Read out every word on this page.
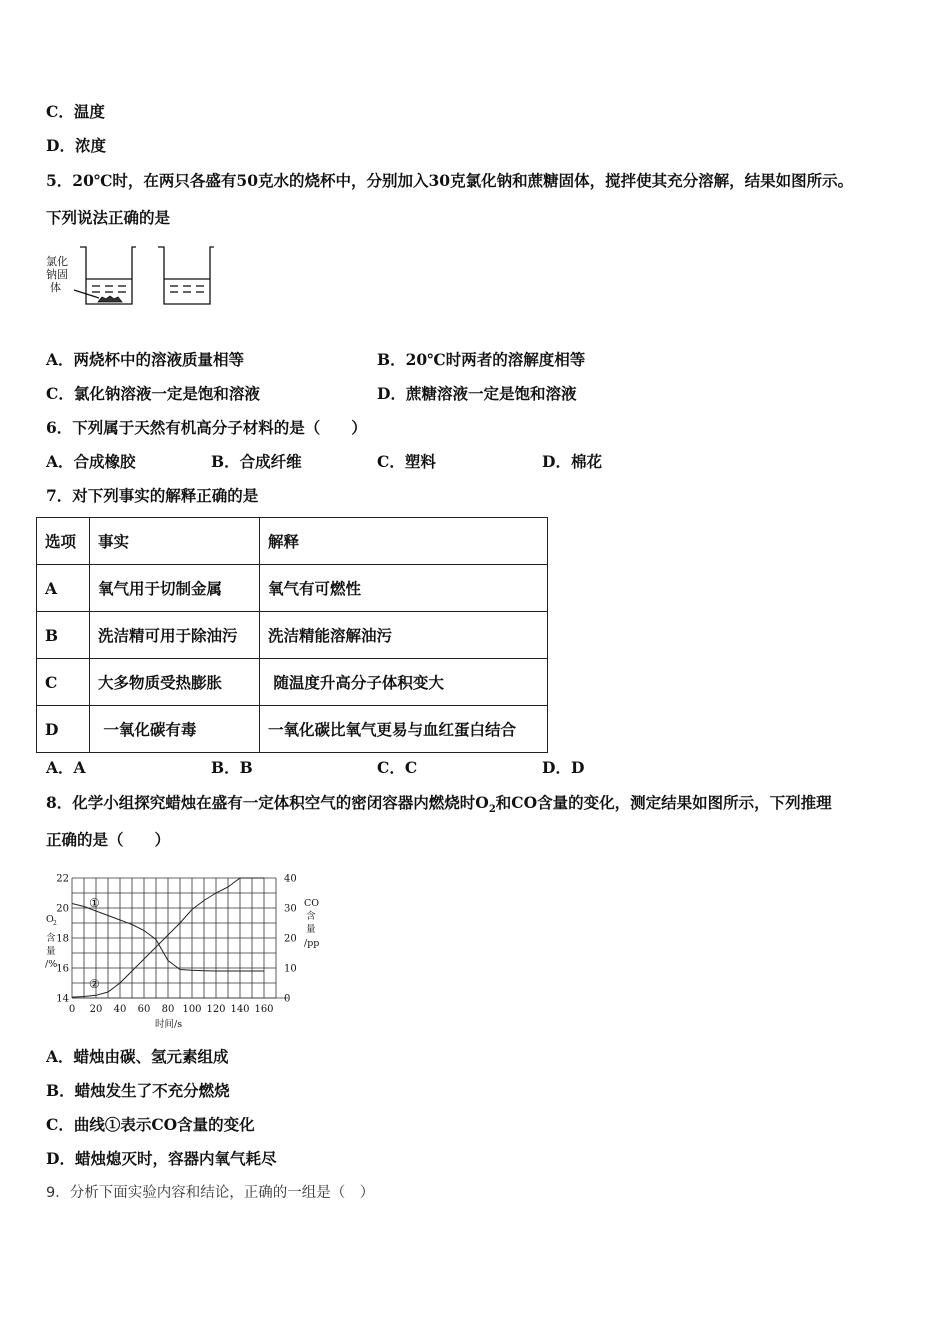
C．温度
D．浓度
5．20℃时，在两只各盛有50克水的烧杯中，分别加入30克氯化钠和蔗糖固体，搅拌使其充分溶解，结果如图所示。
下列说法正确的是
氯化
钠固
体
A．两烧杯中的溶液质量相等	B．20℃时两者的溶解度相等
C．氯化钠溶液一定是饱和溶液	D．蔗糖溶液一定是饱和溶液
6．下列属于天然有机高分子材料的是（　　）
A．合成橡胶	B．合成纤维	C．塑料	D．棉花
7．对下列事实的解释正确的是
选项	事实	解释
A	氧气用于切制金属	氧气有可燃性
B	洗洁精可用于除油污	洗洁精能溶解油污
C	大多物质受热膨胀	随温度升高分子体积变大
D	一氧化碳有毒	一氧化碳比氧气更易与血红蛋白结合
A．A	B．B	C．C	D．D
8．化学小组探究蜡烛在盛有一定体积空气的密闭容器内燃烧时$O_2$和CO含量的变化，测定结果如图所示，下列推理
正确的是（　　）
14
16
18
20
22
0
10
20
30
40
0 20 40 60 80 100 120 140 160
O 2
含
量
/%
CO
含
量
/pp
时间/s
①
②
A．蜡烛由碳、氢元素组成
B．蜡烛发生了不充分燃烧
C．曲线①表示CO含量的变化
D．蜡烛熄灭时，容器内氧气耗尽
9．分析下面实验内容和结论，正确的一组是（　）
